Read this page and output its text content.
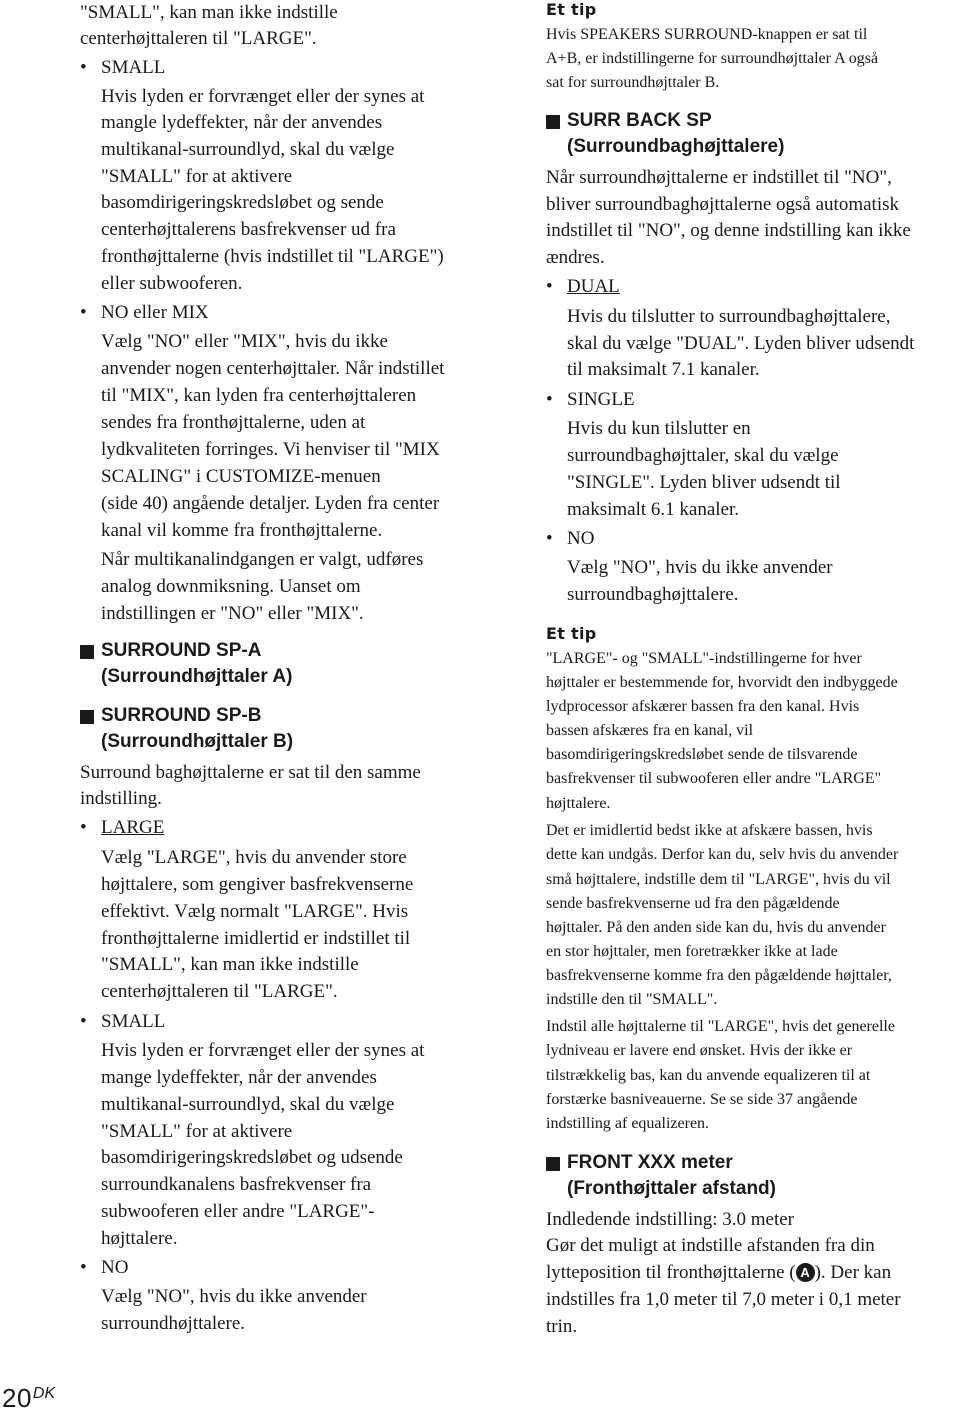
"SMALL", kan man ikke indstille
centerhøjttaleren til "LARGE".
• SMALL
Hvis lyden er forvrænget eller der synes at
mangle lydeffekter, når der anvendes
multikanal-surroundlyd, skal du vælge
"SMALL" for at aktivere
basomdirigeringskredsløbet og sende
centerhøjttalerens basfrekvenser ud fra
fronthøjttalerne (hvis indstillet til "LARGE")
eller subwooferen.
• NO eller MIX
Vælg "NO" eller "MIX", hvis du ikke
anvender nogen centerhøjttaler. Når indstillet
til "MIX", kan lyden fra centerhøjttaleren
sendes fra fronthøjttalerne, uden at
lydkvaliteten forringes. Vi henviser til "MIX
SCALING" i CUSTOMIZE-menuen
(side 40) angående detaljer. Lyden fra center
kanal vil komme fra fronthøjttalerne.
Når multikanalindgangen er valgt, udføres
analog downmiksning. Uanset om
indstillingen er "NO" eller "MIX".
SURROUND SP-A
(Surroundhøjttaler A)
SURROUND SP-B
(Surroundhøjttaler B)
Surround baghøjttalerne er sat til den samme
indstilling.
• LARGE
Vælg "LARGE", hvis du anvender store
højttalere, som gengiver basfrekvenserne
effektivt. Vælg normalt "LARGE". Hvis
fronthøjttalerne imidlertid er indstillet til
"SMALL", kan man ikke indstille
centerhøjttaleren til "LARGE".
• SMALL
Hvis lyden er forvrænget eller der synes at
mange lydeffekter, når der anvendes
multikanal-surroundlyd, skal du vælge
"SMALL" for at aktivere
basomdirigeringskredsløbet og udsende
surroundkanalens basfrekvenser fra
subwooferen eller andre "LARGE"-
højttalere.
• NO
Vælg "NO", hvis du ikke anvender
surroundhøjttalere.
Et tip
Hvis SPEAKERS SURROUND-knappen er sat til
A+B, er indstillingerne for surroundhøjttaler A også
sat for surroundhøjttaler B.
SURR BACK SP
(Surroundbaghøjttalere)
Når surroundhøjttalerne er indstillet til "NO",
bliver surroundbaghøjttalerne også automatisk
indstillet til "NO", og denne indstilling kan ikke
ændres.
• DUAL
Hvis du tilslutter to surroundbaghøjttalere,
skal du vælge "DUAL". Lyden bliver udsendt
til maksimalt 7.1 kanaler.
• SINGLE
Hvis du kun tilslutter en
surroundbaghøjttaler, skal du vælge
"SINGLE". Lyden bliver udsendt til
maksimalt 6.1 kanaler.
• NO
Vælg "NO", hvis du ikke anvender
surroundbaghøjttalere.
Et tip
"LARGE"- og "SMALL"-indstillingerne for hver
højttaler er bestemmende for, hvorvidt den indbyggede
lydprocessor afskærer bassen fra den kanal. Hvis
bassen afskæres fra en kanal, vil
basomdirigeringskredsløbet sende de tilsvarende
basfrekvenser til subwooferen eller andre "LARGE"
højttalere.
Det er imidlertid bedst ikke at afskære bassen, hvis
dette kan undgås. Derfor kan du, selv hvis du anvender
små højttalere, indstille dem til "LARGE", hvis du vil
sende basfrekvenserne ud fra den pågældende
højttaler. På den anden side kan du, hvis du anvender
en stor højttaler, men foretrækker ikke at lade
basfrekvenserne komme fra den pågældende højttaler,
indstille den til "SMALL".
Indstil alle højttalerne til "LARGE", hvis det generelle
lydniveau er lavere end ønsket. Hvis der ikke er
tilstrækkelig bas, kan du anvende equalizeren til at
forstærke basniveauerne. Se se side 37 angående
indstilling af equalizeren.
FRONT XXX meter
(Fronthøjttaler afstand)
Indledende indstilling: 3.0 meter
Gør det muligt at indstille afstanden fra din
lytteposition til fronthøjttalerne ( A ). Der kan
indstilles fra 1,0 meter til 7,0 meter i 0,1 meter
trin.
$20^{DK}$
